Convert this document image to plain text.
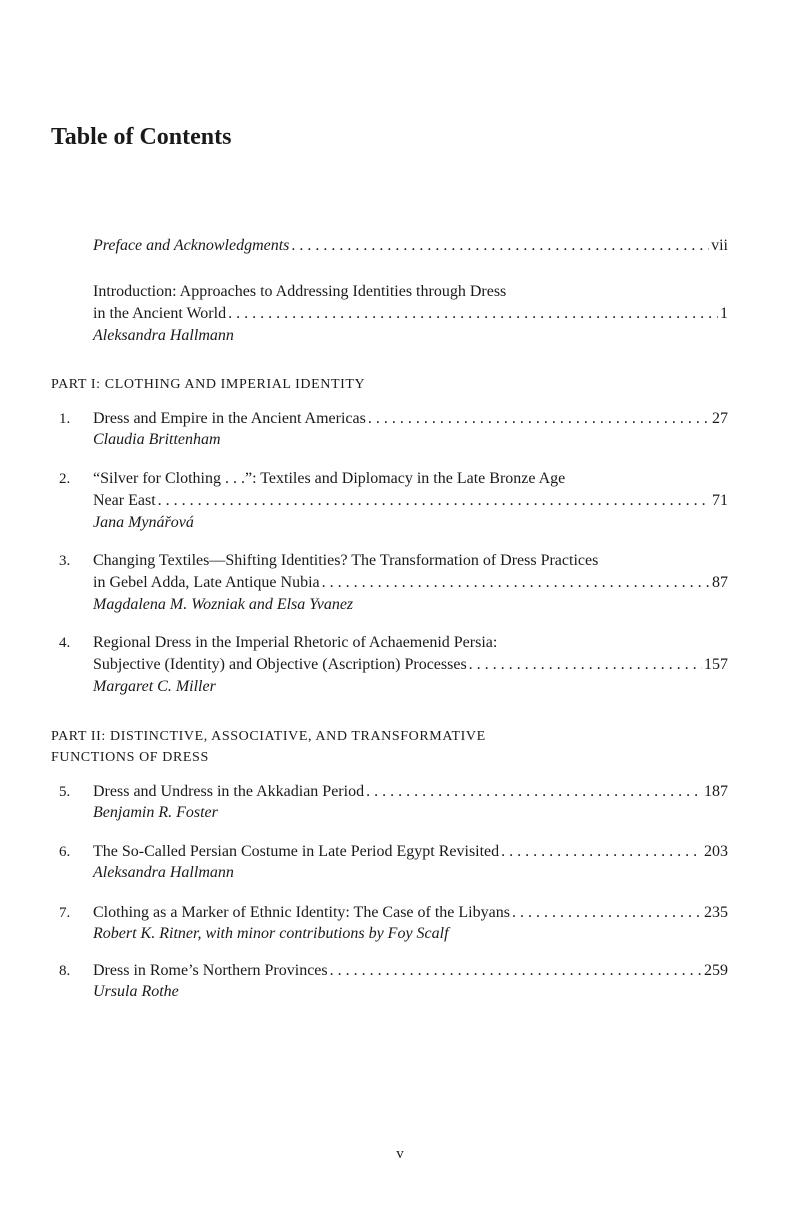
Table of Contents
Preface and Acknowledgments . . .	vii
Introduction: Approaches to Addressing Identities through Dress
in the Ancient World . . .	1
Aleksandra Hallmann
PART I: CLOTHING AND IMPERIAL IDENTITY
1. Dress and Empire in the Ancient Americas . . .	27
Claudia Brittenham
2. “Silver for Clothing . . .”: Textiles and Diplomacy in the Late Bronze Age
Near East . . .	71
Jana Mynářová
3. Changing Textiles—Shifting Identities? The Transformation of Dress Practices
in Gebel Adda, Late Antique Nubia . . .	87
Magdalena M. Wozniak and Elsa Yvanez
4. Regional Dress in the Imperial Rhetoric of Achaemenid Persia:
Subjective (Identity) and Objective (Ascription) Processes . . .	157
Margaret C. Miller
PART II: DISTINCTIVE, ASSOCIATIVE, AND TRANSFORMATIVE
FUNCTIONS OF DRESS
5. Dress and Undress in the Akkadian Period . . .	187
Benjamin R. Foster
6. The So-Called Persian Costume in Late Period Egypt Revisited . . .	203
Aleksandra Hallmann
7. Clothing as a Marker of Ethnic Identity: The Case of the Libyans . . .	235
Robert K. Ritner, with minor contributions by Foy Scalf
8. Dress in Rome’s Northern Provinces . . .	259
Ursula Rothe
v
